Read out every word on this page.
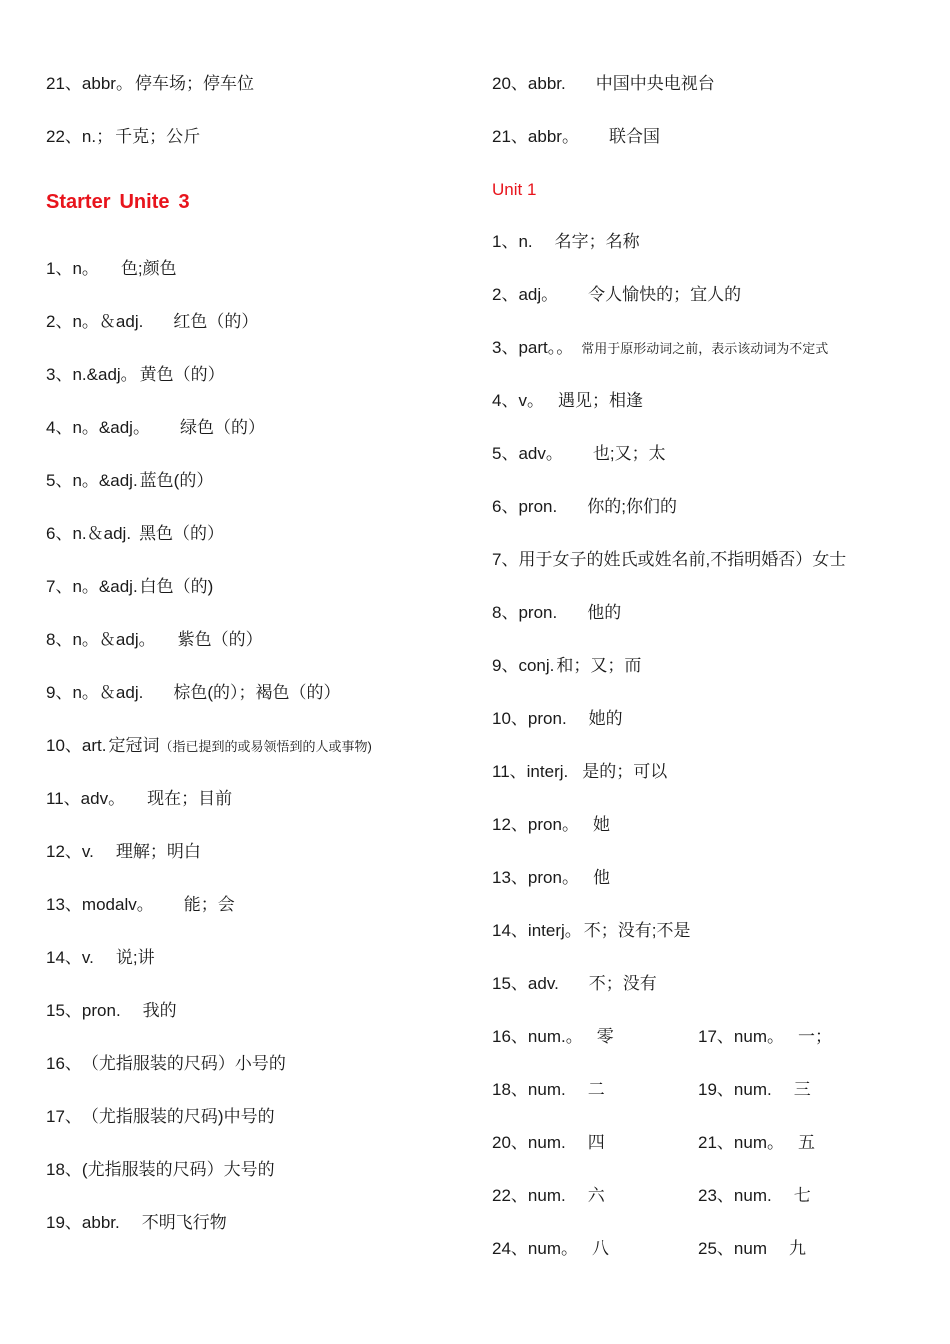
21、abbr。 停车场；停车位
22、n.； 千克；公斤
Starter Unite 3
1、n。 色;颜色
2、n。＆adj. 红色（的）
3、n.&adj。 黄色（的）
4、n。&adj。 绿色（的）
5、n。&adj. 蓝色(的）
6、n.＆adj. 黑色（的）
7、n。&adj. 白色（的)
8、n。＆adj。 紫色（的）
9、n。＆adj. 棕色(的）；褐色（的）
10、art. 定冠词（指已提到的或易领悟到的人或事物)
11、adv。 现在；目前
12、v. 理解；明白
13、modalv。 能；会
14、v. 说;讲
15、pron. 我的
16、（尤指服装的尺码）小号的
17、（尤指服装的尺码)中号的
18、(尤指服装的尺码）大号的
19、abbr. 不明飞行物
20、abbr. 中国中央电视台
21、abbr。 联合国
Unit 1
1、n. 名字；名称
2、adj。 令人愉快的；宜人的
3、part。。 常用于原形动词之前，表示该动词为不定式
4、v。 遇见；相逢
5、adv。 也;又；太
6、pron. 你的;你们的
7、用于女子的姓氏或姓名前,不指明婚否）女士
8、pron. 他的
9、conj. 和；又；而
10、pron. 她的
11、interj. 是的；可以
12、pron。 她
13、pron。 他
14、interj。 不；没有;不是
15、adv. 不；没有
16、num.。 零	17、num。 一；
18、num. 二	19、num. 三
20、num. 四	21、num。 五
22、num. 六	23、num. 七
24、num。 八	25、num 九
